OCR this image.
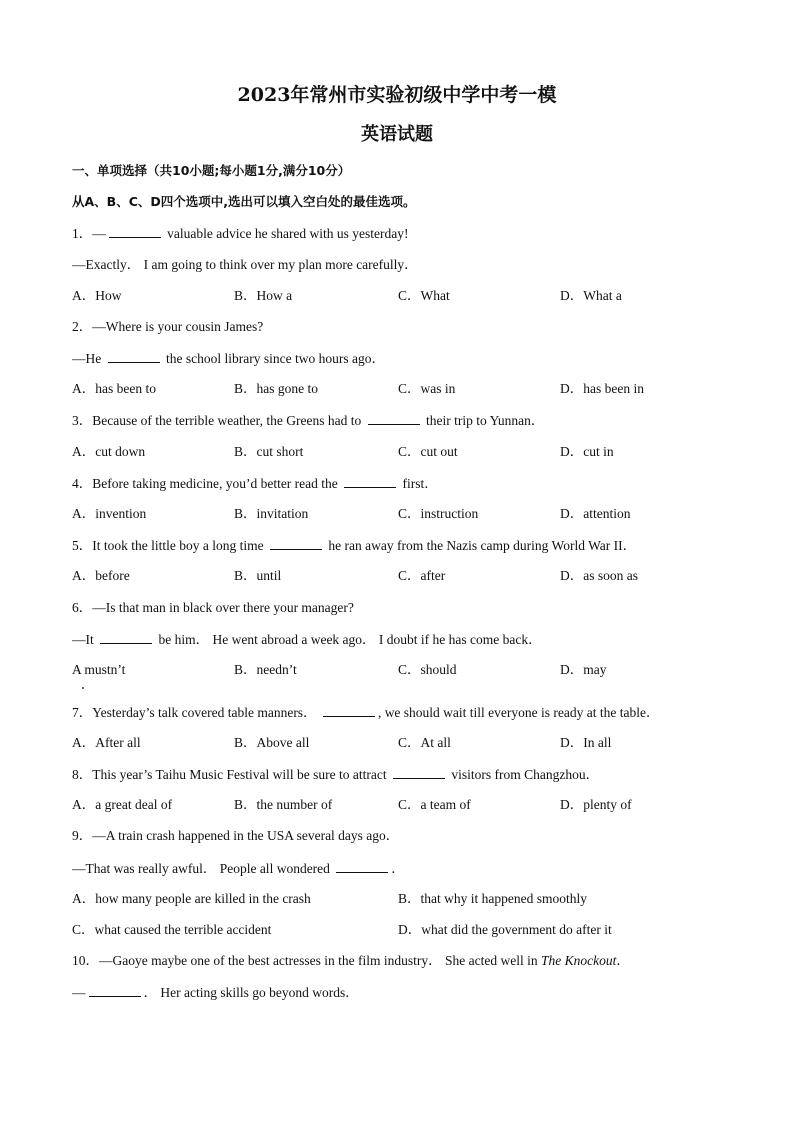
2023年常州市实验初级中学中考一模
英语试题
一、单项选择（共10小题;每小题1分,满分10分）
从A、B、C、D四个选项中,选出可以填入空白处的最佳选项。
1．—	valuable advice he shared with us yesterday!
—Exactly． I am going to think over my plan more carefully．
A．How	B．How a	C．What	D．What a
2．—Where is your cousin James?
—He	the school library since two hours ago．
A．has been to	B．has gone to	C．was in	D．has been in
3．Because of the terrible weather, the Greens had to	their trip to Yunnan．
A．cut down	B．cut short	C．cut out	D．cut in
4．Before taking medicine, you’d better read the	first．
A．invention	B．invitation	C．instruction	D．attention
5．It took the little boy a long time	he ran away from the Nazis camp during World War II．
A．before	B．until	C．after	D．as soon as
6．—Is that man in black over there your manager?
—It	be him． He went abroad a week ago． I doubt if he has come back．
A mustn’t	B．needn’t	C．should	D．may
7．Yesterday’s talk covered table manners．	, we should wait till everyone is ready at the table．
A．After all	B．Above all	C．At all	D．In all
8．This year’s Taihu Music Festival will be sure to attract	visitors from Changzhou．
A．a great deal of	B．the number of	C．a team of	D．plenty of
9．—A train crash happened in the USA several days ago．
—That was really awful． People all wondered	．
A．how many people are killed in the crash	B．that why it happened smoothly
C．what caused the terrible accident	D．what did the government do after it
10．—Gaoye maybe one of the best actresses in the film industry． She acted well in The Knockout．
—	． Her acting skills go beyond words．
